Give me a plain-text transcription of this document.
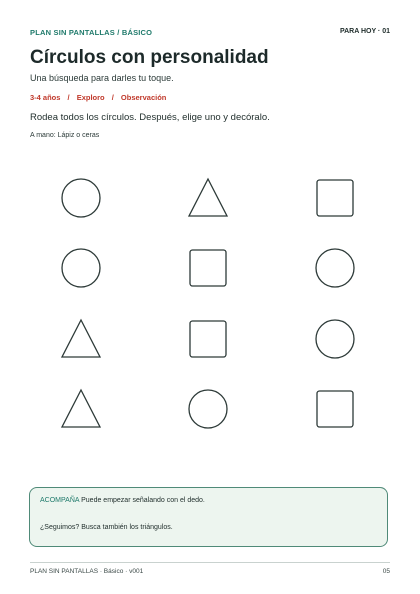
PLAN SIN PANTALLAS / BÁSICO	PARA HOY · 01
Círculos con personalidad
Una búsqueda para darles tu toque.
3-4 años / Exploro / Observación
Rodea todos los círculos. Después, elige uno y decóralo.
A mano: Lápiz o ceras
ACOMPAÑA Puede empezar señalando con el dedo.
¿Seguimos? Busca también los triángulos.
PLAN SIN PANTALLAS · Básico · v001	05
